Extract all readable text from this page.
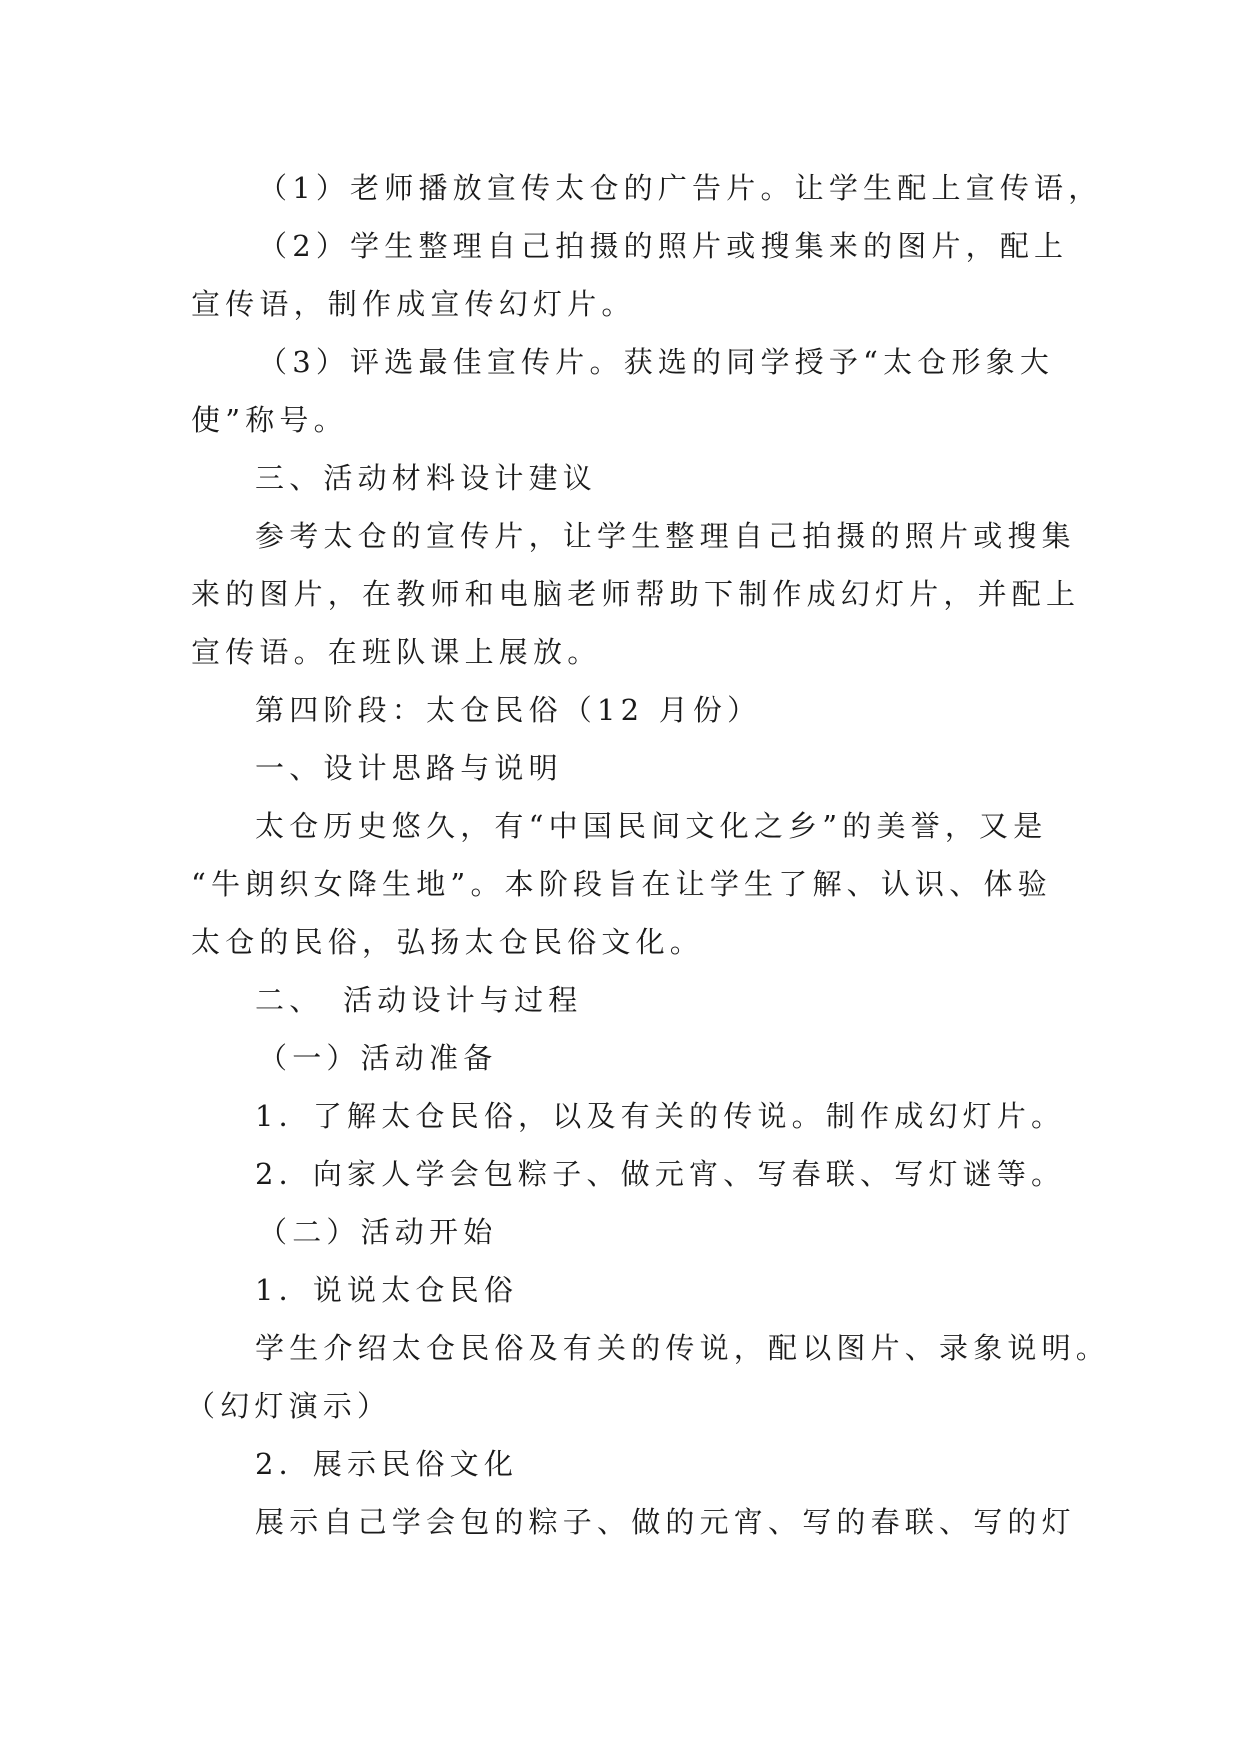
（1）老师播放宣传太仓的广告片。让学生配上宣传语，
（2）学生整理自己拍摄的照片或搜集来的图片，配上
宣传语，制作成宣传幻灯片。
（3）评选最佳宣传片。获选的同学授予“太仓形象大
使”称号。
三、活动材料设计建议
参考太仓的宣传片，让学生整理自己拍摄的照片或搜集
来的图片，在教师和电脑老师帮助下制作成幻灯片，并配上
宣传语。在班队课上展放。
第四阶段：太仓民俗（12 月份）
一、设计思路与说明
太仓历史悠久，有“中国民间文化之乡”的美誉，又是
“牛朗织女降生地”。本阶段旨在让学生了解、认识、体验
太仓的民俗，弘扬太仓民俗文化。
二、　活动设计与过程
（一）活动准备
1．了解太仓民俗，以及有关的传说。制作成幻灯片。
2．向家人学会包粽子、做元宵、写春联、写灯谜等。
（二）活动开始
1．说说太仓民俗
学生介绍太仓民俗及有关的传说，配以图片、录象说明。
（幻灯演示）
2．展示民俗文化
展示自己学会包的粽子、做的元宵、写的春联、写的灯
